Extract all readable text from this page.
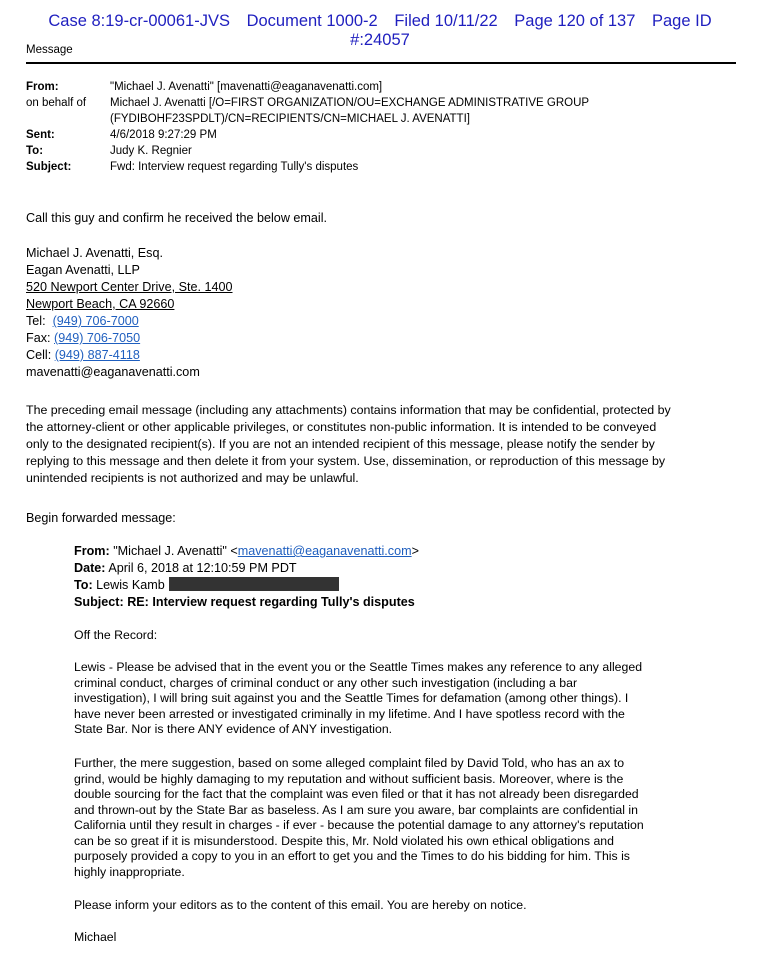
Case 8:19-cr-00061-JVS Document 1000-2 Filed 10/11/22 Page 120 of 137 Page ID
#:24057
Message
From:	"Michael J. Avenatti" [mavenatti@eaganavenatti.com]
on behalf of	Michael J. Avenatti [/O=FIRST ORGANIZATION/OU=EXCHANGE ADMINISTRATIVE GROUP
(FYDIBOHF23SPDLT)/CN=RECIPIENTS/CN=MICHAEL J. AVENATTI]
Sent:	4/6/2018 9:27:29 PM
To:	Judy K. Regnier
Subject:	Fwd: Interview request regarding Tully's disputes

Call this guy and confirm he received the below email.

Michael J. Avenatti, Esq.
Eagan Avenatti, LLP
520 Newport Center Drive, Ste. 1400
Newport Beach, CA 92660
Tel: (949) 706-7000
Fax: (949) 706-7050
Cell: (949) 887-4118
mavenatti@eaganavenatti.com

The preceding email message (including any attachments) contains information that may be confidential, protected by

the attorney-client or other applicable privileges, or constitutes non-public information. It is intended to be conveyed

only to the designated recipient(s). If you are not an intended recipient of this message, please notify the sender by

replying to this message and then delete it from your system. Use, dissemination, or reproduction of this message by

unintended recipients is not authorized and may be unlawful.

Begin forwarded message:

From: "Michael J. Avenatti" <mavenatti@eaganavenatti.com>

Date: April 6, 2018 at 12:10:59 PM PDT

To: Lewis Kamb

Subject: RE: Interview request regarding Tully's disputes

Off the Record:

Lewis - Please be advised that in the event you or the Seattle Times makes any reference to any alleged

criminal conduct, charges of criminal conduct or any other such investigation (including a bar

investigation), I will bring suit against you and the Seattle Times for defamation (among other things). I

have never been arrested or investigated criminally in my lifetime. And I have spotless record with the

State Bar. Nor is there ANY evidence of ANY investigation.

Further, the mere suggestion, based on some alleged complaint filed by David Told, who has an ax to

grind, would be highly damaging to my reputation and without sufficient basis. Moreover, where is the

double sourcing for the fact that the complaint was even filed or that it has not already been disregarded

and thrown-out by the State Bar as baseless. As I am sure you aware, bar complaints are confidential in

California until they result in charges - if ever - because the potential damage to any attorney's reputation

can be so great if it is misunderstood. Despite this, Mr. Nold violated his own ethical obligations and

purposely provided a copy to you in an effort to get you and the Times to do his bidding for him. This is

highly inappropriate.

Please inform your editors as to the content of this email. You are hereby on notice.
Michael
